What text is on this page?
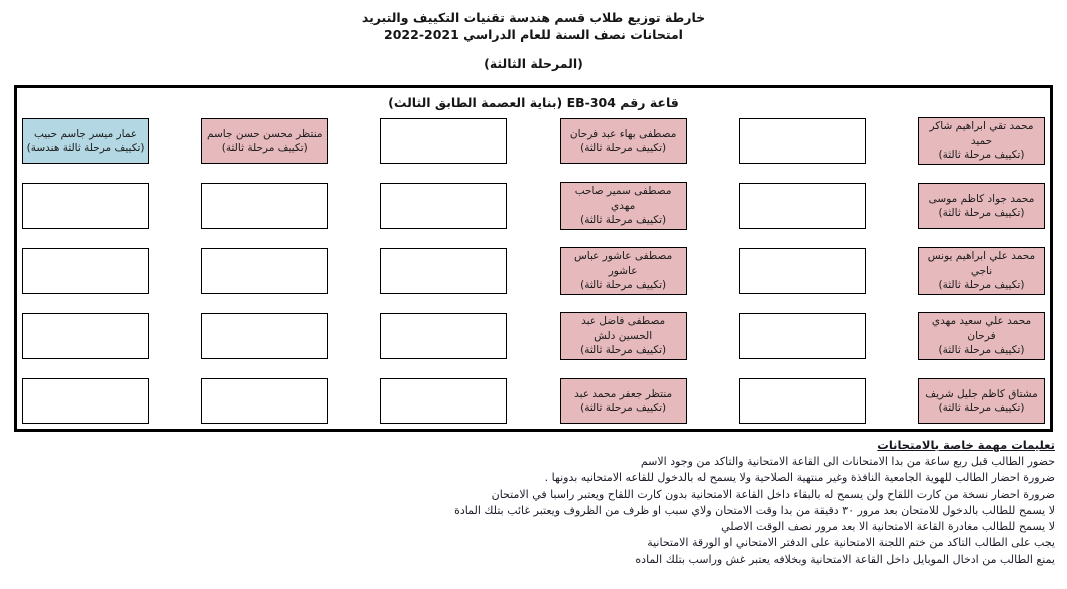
خارطة توزيع طلاب قسم هندسة تقنيات التكييف والتبريد
امتحانات نصف السنة للعام الدراسي 2021‏-‏2022
(المرحلة الثالثة)
قاعة رقم EB-304 (بناية العصمة الطابق الثالث)
محمد تقي ابراهيم شاكر حميد
(تكييف مرحلة ثالثة)
مصطفى بهاء عبد فرحان
(تكييف مرحلة ثالثة)
منتظر محسن حسن جاسم
(تكييف مرحلة ثالثة)
عمار ميسر جاسم حبيب
(تكييف مرحلة ثالثة هندسة)
محمد جواد كاظم موسى
(تكييف مرحلة ثالثة)
مصطفى سمير صاحب مهدي
(تكييف مرحلة ثالثة)
محمد علي ابراهيم يونس ناجي
(تكييف مرحلة ثالثة)
مصطفى عاشور عباس عاشور
(تكييف مرحلة ثالثة)
محمد علي سعيد مهدي فرحان
(تكييف مرحلة ثالثة)
مصطفى فاضل عبد الحسين دلش
(تكييف مرحلة ثالثة)
مشتاق كاظم جليل شريف
(تكييف مرحلة ثالثة)
منتظر جعفر محمد عبد
(تكييف مرحلة ثالثة)
تعليمات مهمة خاصة بالامتحانات
حضور الطالب قبل ربع ساعة من بدا الامتحانات الى القاعة الامتحانية والتاكد من وجود الاسم
ضرورة احضار الطالب للهوية الجامعية النافذة وغير منتهية الصلاحية ولا يسمح له بالدخول للقاعه الامتحانيه بدونها .
ضرورة احضار نسخة من كارت اللقاح ولن يسمح له بالبقاء داخل القاعة الامتحانية بدون كارت اللقاح ويعتبر راسبا في الامتحان
لا يسمح للطالب بالدخول للامتحان بعد مرور ٣٠ دقيقة من بدا وقت الامتحان ولاي سبب او ظرف من الظروف ويعتبر غائب بتلك المادة
لا يسمح للطالب مغادرة القاعة الامتحانية الا بعد مرور نصف الوقت الاصلي
يجب على الطالب التاكد من ختم اللجنة الامتحانية على الدفتر الامتحاني او الورقة الامتحانية
يمنع الطالب من ادخال الموبايل داخل القاعة الامتحانية وبخلافه يعتبر غش وراسب بتلك الماده
